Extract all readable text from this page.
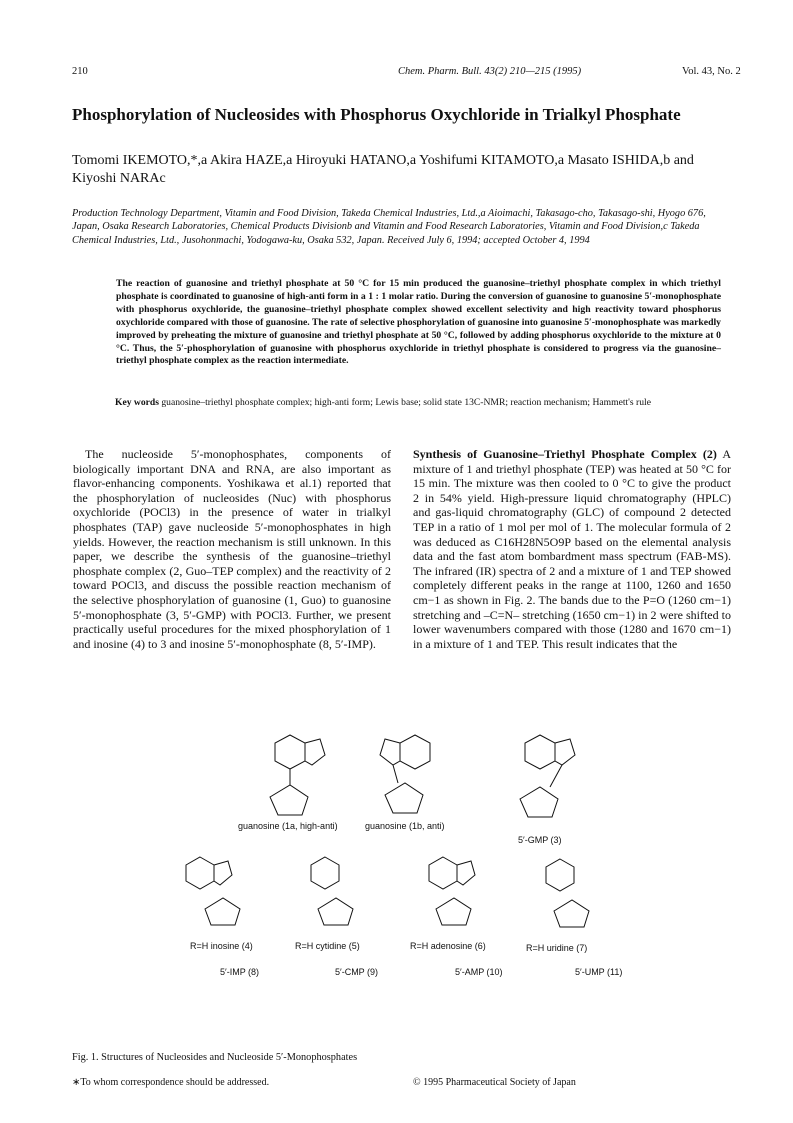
210	Chem. Pharm. Bull. 43(2) 210—215 (1995)	Vol. 43, No. 2
Phosphorylation of Nucleosides with Phosphorus Oxychloride in Trialkyl Phosphate
Tomomi IKEMOTO,*,a Akira HAZE,a Hiroyuki HATANO,a Yoshifumi KITAMOTO,a Masato ISHIDA,b and Kiyoshi NARAc
Production Technology Department, Vitamin and Food Division, Takeda Chemical Industries, Ltd.,a Aioimachi, Takasago-cho, Takasago-shi, Hyogo 676, Japan, Osaka Research Laboratories, Chemical Products Divisionb and Vitamin and Food Research Laboratories, Vitamin and Food Division,c Takeda Chemical Industries, Ltd., Jusohonmachi, Yodogawa-ku, Osaka 532, Japan. Received July 6, 1994; accepted October 4, 1994
The reaction of guanosine and triethyl phosphate at 50 °C for 15 min produced the guanosine–triethyl phosphate complex in which triethyl phosphate is coordinated to guanosine of high-anti form in a 1 : 1 molar ratio. During the conversion of guanosine to guanosine 5′-monophosphate with phosphorus oxychloride, the guanosine–triethyl phosphate complex showed excellent selectivity and high reactivity toward phosphorus oxychloride compared with those of guanosine. The rate of selective phosphorylation of guanosine into guanosine 5′-monophosphate was markedly improved by preheating the mixture of guanosine and triethyl phosphate at 50 °C, followed by adding phosphorus oxychloride to the mixture at 0 °C. Thus, the 5′-phosphorylation of guanosine with phosphorus oxychloride in triethyl phosphate is considered to progress via the guanosine–triethyl phosphate complex as the reaction intermediate.
Key words guanosine–triethyl phosphate complex; high-anti form; Lewis base; solid state 13C-NMR; reaction mechanism; Hammett's rule
The nucleoside 5′-monophosphates, components of biologically important DNA and RNA, are also important as flavor-enhancing components. Yoshikawa et al.1) reported that the phosphorylation of nucleosides (Nuc) with phosphorus oxychloride (POCl3) in the presence of water in trialkyl phosphates (TAP) gave nucleoside 5′-monophosphates in high yields. However, the reaction mechanism is still unknown. In this paper, we describe the synthesis of the guanosine–triethyl phosphate complex (2, Guo–TEP complex) and the reactivity of 2 toward POCl3, and discuss the possible reaction mechanism of the selective phosphorylation of guanosine (1, Guo) to guanosine 5′-monophosphate (3, 5′-GMP) with POCl3. Further, we present practically useful procedures for the mixed phosphorylation of 1 and inosine (4) to 3 and inosine 5′-monophosphate (8, 5′-IMP).
Synthesis of Guanosine–Triethyl Phosphate Complex (2) A mixture of 1 and triethyl phosphate (TEP) was heated at 50 °C for 15 min. The mixture was then cooled to 0 °C to give the product 2 in 54% yield. High-pressure liquid chromatography (HPLC) and gas-liquid chromatography (GLC) of compound 2 detected TEP in a ratio of 1 mol per mol of 1. The molecular formula of 2 was deduced as C16H28N5O9P based on the elemental analysis data and the fast atom bombardment mass spectrum (FAB-MS). The infrared (IR) spectra of 2 and a mixture of 1 and TEP showed completely different peaks in the range at 1100, 1260 and 1650 cm−1 as shown in Fig. 2. The bands due to the P=O (1260 cm−1) stretching and –C=N– stretching (1650 cm−1) in 2 were shifted to lower wavenumbers compared with those (1280 and 1670 cm−1) in a mixture of 1 and TEP. This result indicates that the
guanosine (1a, high-anti)	guanosine (1b, anti)
5′-GMP (3)
R=H inosine (4)	R=H cytidine (5)	R=H adenosine (6)	R=H uridine (7)
5′-IMP (8)	5′-CMP (9)	5′-AMP (10)	5′-UMP (11)
Fig. 1. Structures of Nucleosides and Nucleoside 5′-Monophosphates
∗To whom correspondence should be addressed.	© 1995 Pharmaceutical Society of Japan
